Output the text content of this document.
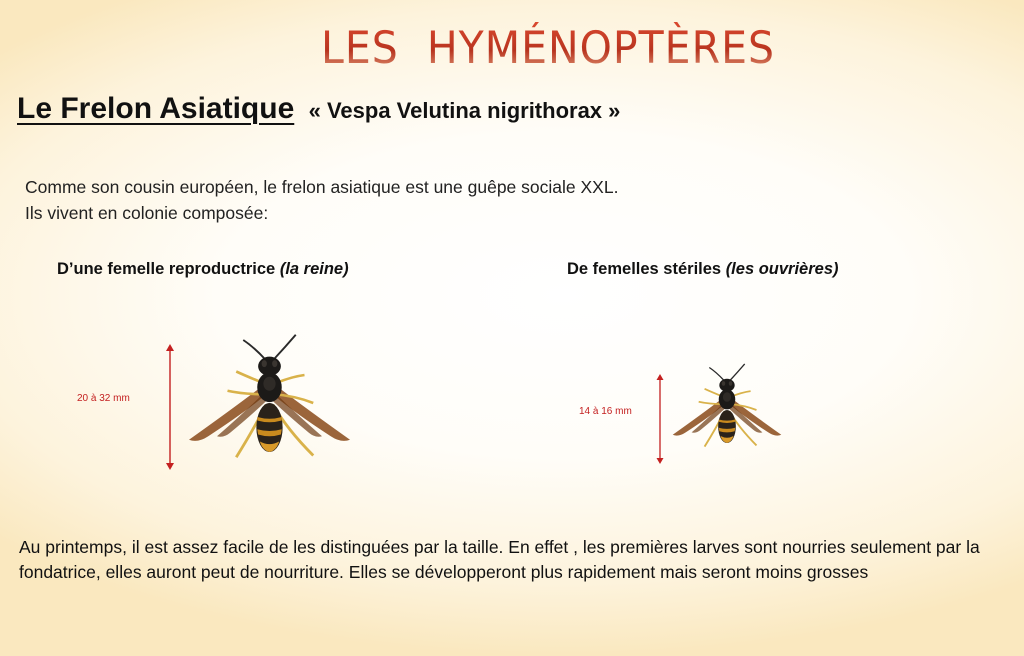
LES  HYMÉNOPTÈRES
Le Frelon Asiatique « Vespa Velutina nigrithorax »

Comme son cousin européen, le frelon asiatique est une guêpe sociale XXL.

Ils vivent en colonie composée:

D’une femelle reproductrice (la reine)	De femelles stériles (les ouvrières)
20 à 32 mm
14 à 16 mm

Au printemps, il est assez facile de les distinguées par la taille. En effet , les premières larves sont nourries seulement par la fondatrice, elles auront peut de nourriture. Elles se développeront plus rapidement mais seront moins grosses
